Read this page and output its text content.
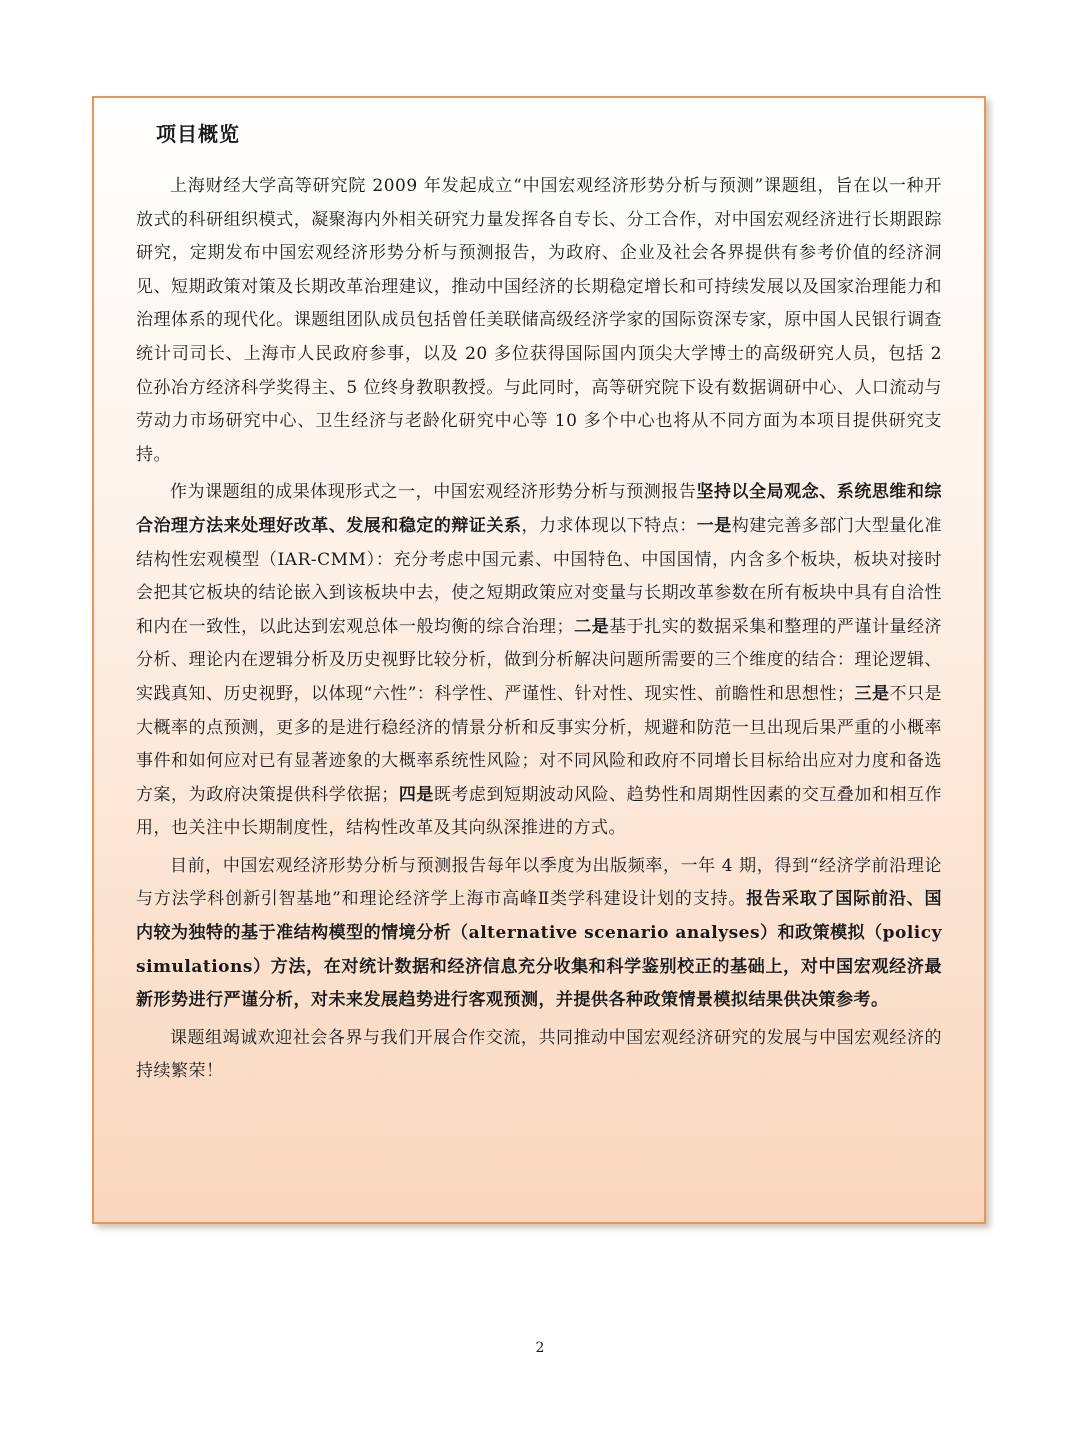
项目概览

上海财经大学高等研究院 2009 年发起成立“中国宏观经济形势分析与预测”课题组，旨在以一种开放式的科研组织模式，凝聚海内外相关研究力量发挥各自专长、分工合作，对中国宏观经济进行长期跟踪研究，定期发布中国宏观经济形势分析与预测报告，为政府、企业及社会各界提供有参考价值的经济洞见、短期政策对策及长期改革治理建议，推动中国经济的长期稳定增长和可持续发展以及国家治理能力和治理体系的现代化。课题组团队成员包括曾任美联储高级经济学家的国际资深专家，原中国人民银行调查统计司司长、上海市人民政府参事，以及 20 多位获得国际国内顶尖大学博士的高级研究人员，包括 2 位孙冶方经济科学奖得主、5 位终身教职教授。与此同时，高等研究院下设有数据调研中心、人口流动与劳动力市场研究中心、卫生经济与老龄化研究中心等 10 多个中心也将从不同方面为本项目提供研究支持。

作为课题组的成果体现形式之一，中国宏观经济形势分析与预测报告坚持以全局观念、系统思维和综合治理方法来处理好改革、发展和稳定的辩证关系，力求体现以下特点：一是构建完善多部门大型量化准结构性宏观模型（IAR-CMM）：充分考虑中国元素、中国特色、中国国情，内含多个板块，板块对接时会把其它板块的结论嵌入到该板块中去，使之短期政策应对变量与长期改革参数在所有板块中具有自洽性和内在一致性，以此达到宏观总体一般均衡的综合治理；二是基于扎实的数据采集和整理的严谨计量经济分析、理论内在逻辑分析及历史视野比较分析，做到分析解决问题所需要的三个维度的结合：理论逻辑、实践真知、历史视野，以体现“六性”：科学性、严谨性、针对性、现实性、前瞻性和思想性；三是不只是大概率的点预测，更多的是进行稳经济的情景分析和反事实分析，规避和防范一旦出现后果严重的小概率事件和如何应对已有显著迹象的大概率系统性风险；对不同风险和政府不同增长目标给出应对力度和备选方案，为政府决策提供科学依据；四是既考虑到短期波动风险、趋势性和周期性因素的交互叠加和相互作用，也关注中长期制度性，结构性改革及其向纵深推进的方式。

目前，中国宏观经济形势分析与预测报告每年以季度为出版频率，一年 4 期，得到“经济学前沿理论与方法学科创新引智基地”和理论经济学上海市高峰Ⅱ类学科建设计划的支持。报告采取了国际前沿、国内较为独特的基于准结构模型的情境分析（alternative scenario analyses）和政策模拟（policy simulations）方法，在对统计数据和经济信息充分收集和科学鉴别校正的基础上，对中国宏观经济最新形势进行严谨分析，对未来发展趋势进行客观预测，并提供各种政策情景模拟结果供决策参考。

课题组竭诚欢迎社会各界与我们开展合作交流，共同推动中国宏观经济研究的发展与中国宏观经济的持续繁荣！

2
